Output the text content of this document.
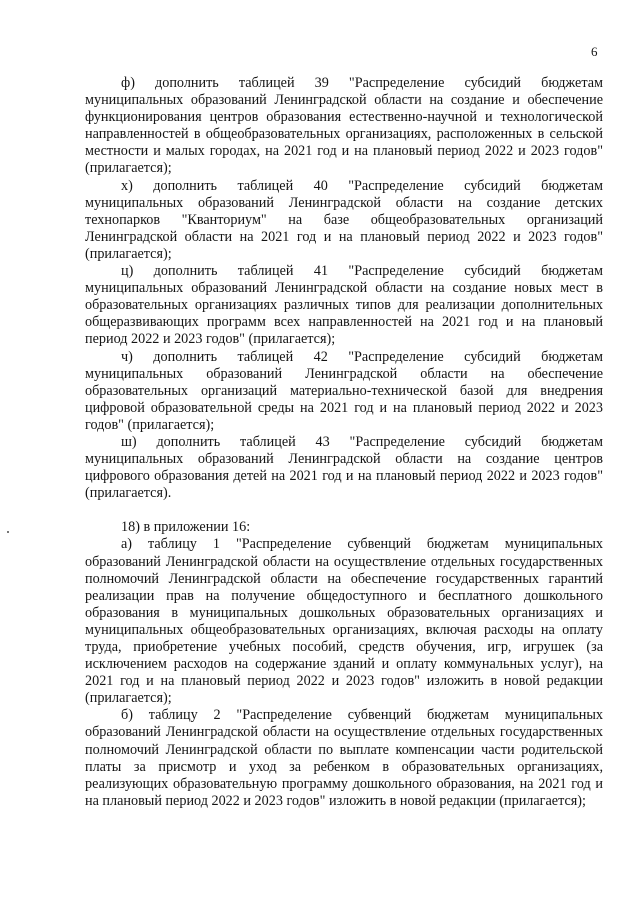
6

ф) дополнить таблицей 39 "Распределение субсидий бюджетам муниципальных образований Ленинградской области на создание и обеспечение функционирования центров образования естественно-научной и технологической направленностей в общеобразовательных организациях, расположенных в сельской местности и малых городах, на 2021 год и на плановый период 2022 и 2023 годов" (прилагается);

х) дополнить таблицей 40 "Распределение субсидий бюджетам муниципальных образований Ленинградской области на создание детских технопарков "Кванториум" на базе общеобразовательных организаций Ленинградской области на 2021 год и на плановый период 2022 и 2023 годов" (прилагается);

ц) дополнить таблицей 41 "Распределение субсидий бюджетам муниципальных образований Ленинградской области на создание новых мест в образовательных организациях различных типов для реализации дополнительных общеразвивающих программ всех направленностей на 2021 год и на плановый период 2022 и 2023 годов" (прилагается);

ч) дополнить таблицей 42 "Распределение субсидий бюджетам муниципальных образований Ленинградской области на обеспечение образовательных организаций материально-технической базой для внедрения цифровой образовательной среды на 2021 год и на плановый период 2022 и 2023 годов" (прилагается);

ш) дополнить таблицей 43 "Распределение субсидий бюджетам муниципальных образований Ленинградской области на создание центров цифрового образования детей на 2021 год и на плановый период 2022 и 2023 годов" (прилагается).

18) в приложении 16:

а) таблицу 1 "Распределение субвенций бюджетам муниципальных образований Ленинградской области на осуществление отдельных государственных полномочий Ленинградской области на обеспечение государственных гарантий реализации прав на получение общедоступного и бесплатного дошкольного образования в муниципальных дошкольных образовательных организациях и муниципальных общеобразовательных организациях, включая расходы на оплату труда, приобретение учебных пособий, средств обучения, игр, игрушек (за исключением расходов на содержание зданий и оплату коммунальных услуг), на 2021 год и на плановый период 2022 и 2023 годов" изложить в новой редакции (прилагается);

б) таблицу 2 "Распределение субвенций бюджетам муниципальных образований Ленинградской области на осуществление отдельных государственных полномочий Ленинградской области по выплате компенсации части родительской платы за присмотр и уход за ребенком в образовательных организациях, реализующих образовательную программу дошкольного образования, на 2021 год и на плановый период 2022 и 2023 годов" изложить в новой редакции (прилагается);
